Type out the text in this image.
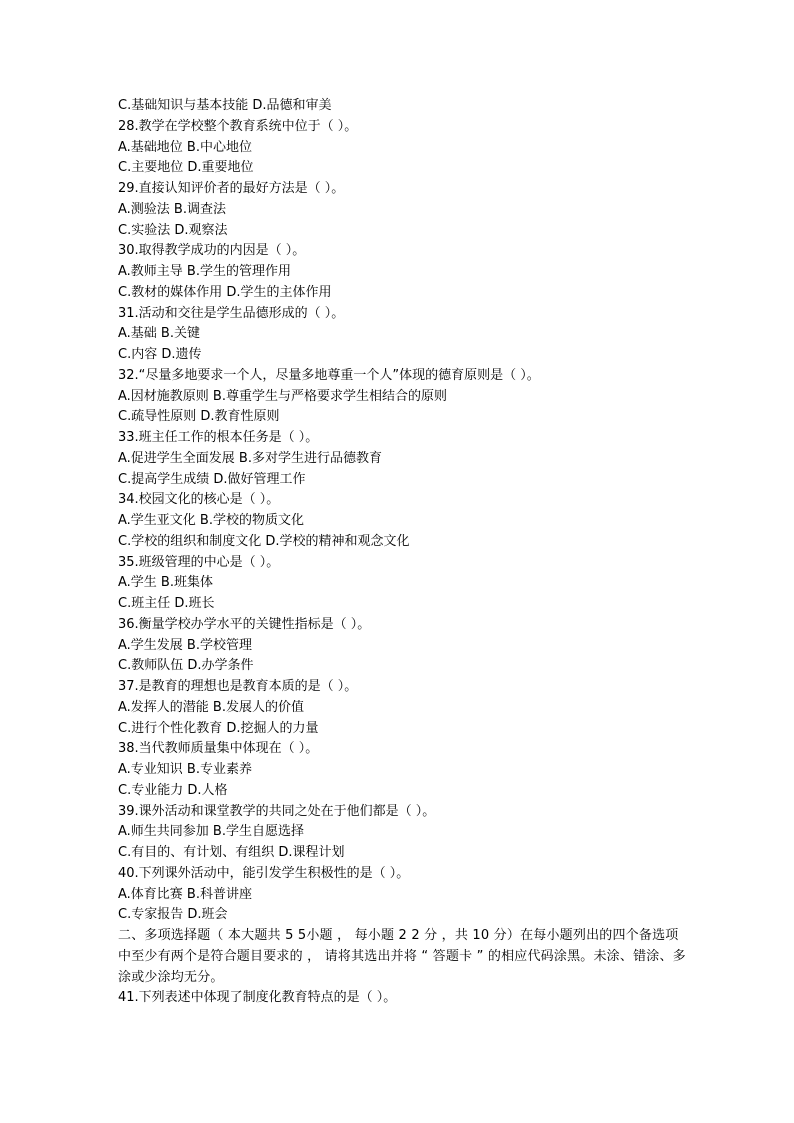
C.基础知识与基本技能 D.品德和审美
28.教学在学校整个教育系统中位于（ ）。
A.基础地位 B.中心地位
C.主要地位 D.重要地位
29.直接认知评价者的最好方法是（ ）。
A.测验法 B.调查法
C.实验法 D.观察法
30.取得教学成功的内因是（ ）。
A.教师主导 B.学生的管理作用
C.教材的媒体作用 D.学生的主体作用
31.活动和交往是学生品德形成的（ ）。
A.基础 B.关键
C.内容 D.遗传
32.“尽量多地要求一个人，尽量多地尊重一个人”体现的德育原则是（ ）。
A.因材施教原则 B.尊重学生与严格要求学生相结合的原则
C.疏导性原则 D.教育性原则
33.班主任工作的根本任务是（ ）。
A.促进学生全面发展 B.多对学生进行品德教育
C.提高学生成绩 D.做好管理工作
34.校园文化的核心是（ ）。
A.学生亚文化 B.学校的物质文化
C.学校的组织和制度文化 D.学校的精神和观念文化
35.班级管理的中心是（ ）。
A.学生 B.班集体
C.班主任 D.班长
36.衡量学校办学水平的关键性指标是（ ）。
A.学生发展 B.学校管理
C.教师队伍 D.办学条件
37.是教育的理想也是教育本质的是（ ）。
A.发挥人的潜能 B.发展人的价值
C.进行个性化教育 D.挖掘人的力量
38.当代教师质量集中体现在（ ）。
A.专业知识 B.专业素养
C.专业能力 D.人格
39.课外活动和课堂教学的共同之处在于他们都是（ ）。
A.师生共同参加 B.学生自愿选择
C.有目的、有计划、有组织 D.课程计划
40.下列课外活动中，能引发学生积极性的是（ ）。
A.体育比赛 B.科普讲座
C.专家报告 D.班会
二、多项选择题（ 本大题共 5 5小题 ， 每小题 2 2 分 ，共 10 分）在每小题列出的四个备选项中至少有两个是符合题目要求的 ， 请将其选出并将 “ 答题卡 ” 的相应代码涂黑。未涂、错涂、多涂或少涂均无分。
41.下列表述中体现了制度化教育特点的是（ ）。
